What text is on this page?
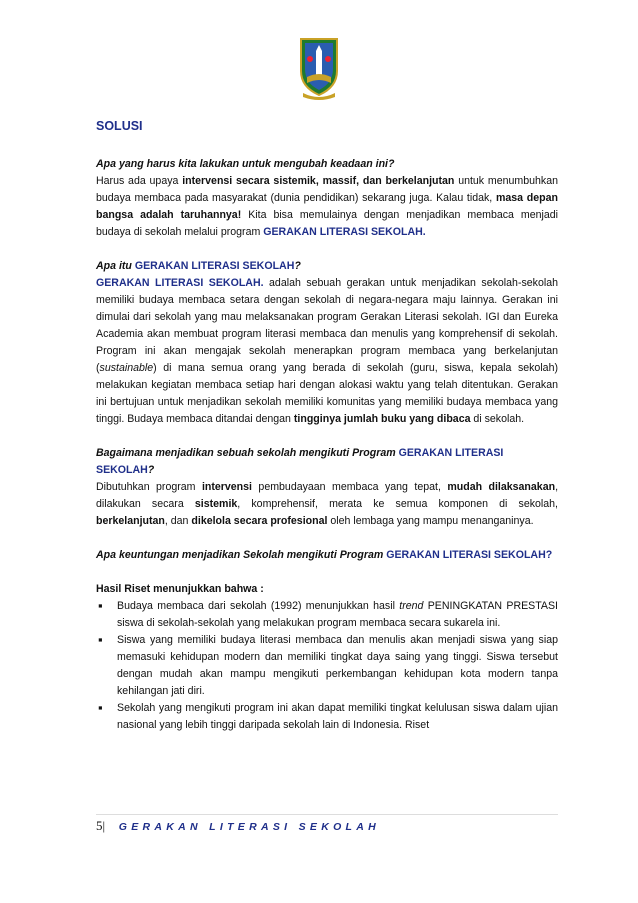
SOLUSI

Apa yang harus kita lakukan untuk mengubah keadaan ini?

Harus ada upaya intervensi secara sistemik, massif, dan berkelanjutan untuk menumbuhkan budaya membaca pada masyarakat (dunia pendidikan) sekarang juga. Kalau tidak, masa depan bangsa adalah taruhannya! Kita bisa memulainya dengan menjadikan membaca menjadi budaya di sekolah melalui program GERAKAN LITERASI SEKOLAH.

Apa itu GERAKAN LITERASI SEKOLAH?

GERAKAN LITERASI SEKOLAH. adalah sebuah gerakan untuk menjadikan sekolah-sekolah memiliki budaya membaca setara dengan sekolah di negara-negara maju lainnya. Gerakan ini dimulai dari sekolah yang mau melaksanakan program Gerakan Literasi sekolah. IGI dan Eureka Academia akan membuat program literasi membaca dan menulis yang komprehensif di sekolah. Program ini akan mengajak sekolah menerapkan program membaca yang berkelanjutan (sustainable) di mana semua orang yang berada di sekolah (guru, siswa, kepala sekolah) melakukan kegiatan membaca setiap hari dengan alokasi waktu yang telah ditentukan. Gerakan ini bertujuan untuk menjadikan sekolah memiliki komunitas yang memiliki budaya membaca yang tinggi. Budaya membaca ditandai dengan tingginya jumlah buku yang dibaca di sekolah.

Bagaimana menjadikan sebuah sekolah mengikuti Program GERAKAN LITERASI SEKOLAH?

Dibutuhkan program intervensi pembudayaan membaca yang tepat, mudah dilaksanakan, dilakukan secara sistemik, komprehensif, merata ke semua komponen di sekolah, berkelanjutan, dan dikelola secara profesional oleh lembaga yang mampu menanganinya.

Apa keuntungan menjadikan Sekolah mengikuti Program GERAKAN LITERASI SEKOLAH?

Hasil Riset menunjukkan bahwa :

▪ Budaya membaca dari sekolah (1992) menunjukkan hasil trend PENINGKATAN PRESTASI siswa di sekolah-sekolah yang melakukan program membaca secara sukarela ini.
▪ Siswa yang memiliki budaya literasi membaca dan menulis akan menjadi siswa yang siap memasuki kehidupan modern dan memiliki tingkat daya saing yang tinggi. Siswa tersebut dengan mudah akan mampu mengikuti perkembangan kehidupan kota modern tanpa kehilangan jati diri.
▪ Sekolah yang mengikuti program ini akan dapat memiliki tingkat kelulusan siswa dalam ujian nasional yang lebih tinggi daripada sekolah lain di Indonesia. Riset
5| GERAKAN LITERASI SEKOLAH
